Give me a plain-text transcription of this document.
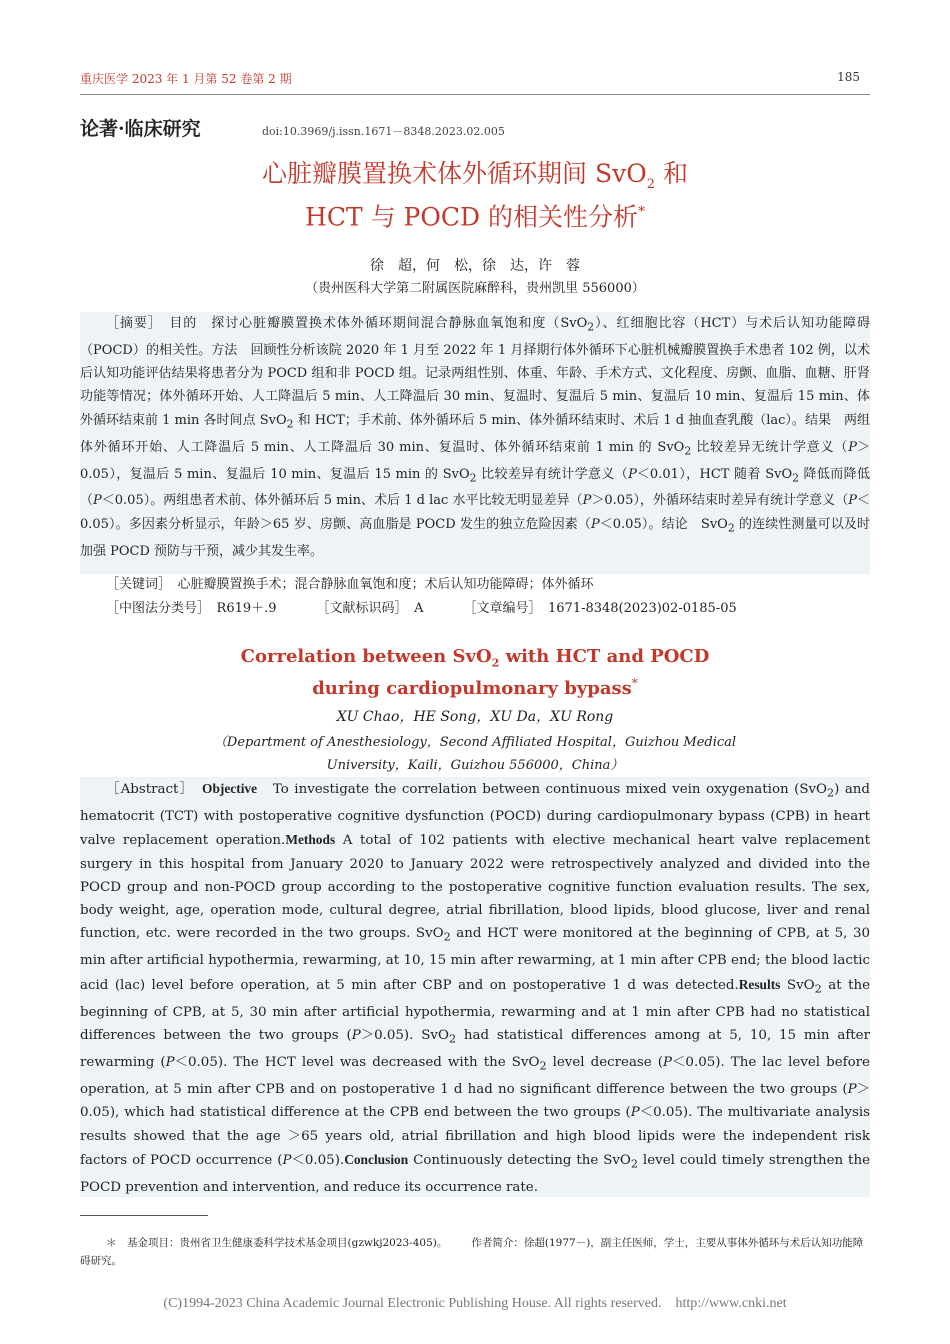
重庆医学 2023 年 1 月第 52 卷第 2 期	185
论著·临床研究	doi:10.3969/j.issn.1671－8348.2023.02.005
心脏瓣膜置换术体外循环期间 SvO$_2$ 和
HCT 与 POCD 的相关性分析*
徐　超，何　松，徐　达，许　蓉
（贵州医科大学第二附属医院麻醉科，贵州凯里 556000）

［摘要］　 目的　 探讨心脏瓣膜置换术体外循环期间混合静脉血氧饱和度（SvO$_2$）、红细胞比容（HCT）与术后认知功能障碍（POCD）的相关性。方法　 回顾性分析该院 2020 年 1 月至 2022 年 1 月择期行体外循环下心脏机械瓣膜置换手术患者 102 例，以术后认知功能评估结果将患者分为 POCD 组和非 POCD 组。记录两组性别、体重、年龄、手术方式、文化程度、房颤、血脂、血糖、肝肾功能等情况；体外循环开始、人工降温后 5 min、人工降温后 30 min、复温时、复温后 5 min、复温后 10 min、复温后 15 min、体外循环结束前 1 min 各时间点 SvO$_2$ 和 HCT；手术前、体外循环后 5 min、体外循环结束时、术后 1 d 抽血查乳酸（lac）。结果　 两组体外循环开始、人工降温后 5 min、人工降温后 30 min、复温时、体外循环结束前 1 min 的 SvO$_2$ 比较差异无统计学意义（P＞0.05），复温后 5 min、复温后 10 min、复温后 15 min 的 SvO$_2$ 比较差异有统计学意义（P＜0.01），HCT 随着 SvO$_2$ 降低而降低（P＜0.05）。两组患者术前、体外循环后 5 min、术后 1 d lac 水平比较无明显差异（P＞0.05），外循环结束时差异有统计学意义（P＜0.05）。多因素分析显示，年龄＞65 岁、房颤、高血脂是 POCD 发生的独立危险因素（P＜0.05）。结论　 SvO$_2$ 的连续性测量可以及时加强 POCD 预防与干预，减少其发生率。

［关键词］　 心脏瓣膜置换手术；混合静脉血氧饱和度；术后认知功能障碍；体外循环
［中图法分类号］　 R619＋.9	［文献标识码］　 A	［文章编号］　 1671-8348(2023)02-0185-05
Correlation between SvO$_2$ with HCT and POCD
during cardiopulmonary bypass*
XU Chao，HE Song，XU Da，XU Rong
（Department of Anesthesiology，Second Affiliated Hospital，Guizhou Medical
University，Kaili，Guizhou 556000，China）

［Abstract］　 Objective　 To investigate the correlation between continuous mixed vein oxygenation (SvO$_2$) and hematocrit (TCT) with postoperative cognitive dysfunction (POCD) during cardiopulmonary bypass (CPB) in heart valve replacement operation.Methods A total of 102 patients with elective mechanical heart valve replacement surgery in this hospital from January 2020 to January 2022 were retrospectively analyzed and divided into the POCD group and non-POCD group according to the postoperative cognitive function evaluation results. The sex, body weight, age, operation mode, cultural degree, atrial fibrillation, blood lipids, blood glucose, liver and renal function, etc. were recorded in the two groups. SvO$_2$ and HCT were monitored at the beginning of CPB, at 5, 30 min after artificial hypothermia, rewarming, at 10, 15 min after rewarming, at 1 min after CPB end; the blood lactic acid (lac) level before operation, at 5 min after CBP and on postoperative 1 d was detected.Results SvO$_2$ at the beginning of CPB, at 5, 30 min after artificial hypothermia, rewarming and at 1 min after CPB had no statistical differences between the two groups (P＞0.05). SvO$_2$ had statistical differences among at 5, 10, 15 min after rewarming (P＜0.05). The HCT level was decreased with the SvO$_2$ level decrease (P＜0.05). The lac level before operation, at 5 min after CPB and on postoperative 1 d had no significant difference between the two groups (P＞0.05), which had statistical difference at the CPB end between the two groups (P＜0.05). The multivariate analysis results showed that the age ＞65 years old, atrial fibrillation and high blood lipids were the independent risk factors of POCD occurrence (P＜0.05).Conclusion Continuously detecting the SvO$_2$ level could timely strengthen the POCD prevention and intervention, and reduce its occurrence rate.

＊　 基金项目：贵州省卫生健康委科学技术基金项目(gzwkj2023-405)。 作者简介：徐超(1977－)，副主任医师，学士，主要从事体外循环与术后认知功能障碍研究。
(C)1994-2023 China Academic Journal Electronic Publishing House. All rights reserved. http://www.cnki.net
